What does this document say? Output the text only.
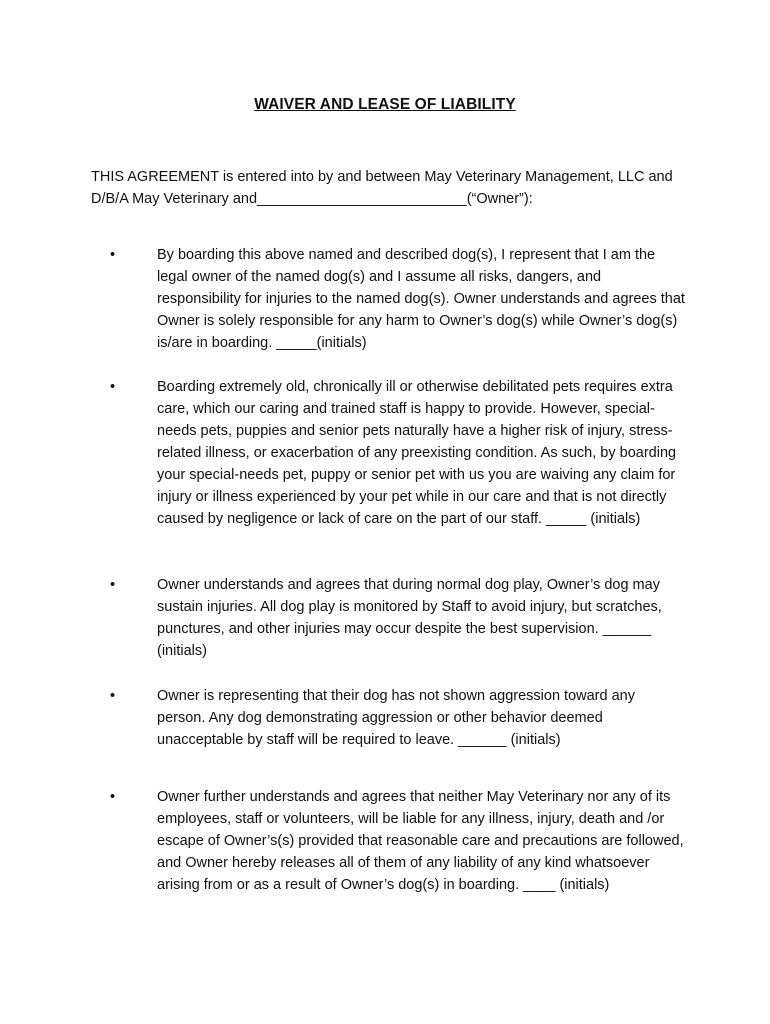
WAIVER AND LEASE OF LIABILITY
THIS AGREEMENT is entered into by and between May Veterinary Management, LLC and D/B/A May Veterinary and__________________________(“Owner”):
•	By boarding this above named and described dog(s), I represent that I am the legal owner of the named dog(s) and I assume all risks, dangers, and responsibility for injuries to the named dog(s). Owner understands and agrees that Owner is solely responsible for any harm to Owner’s dog(s) while Owner’s dog(s) is/are in boarding. _____(initials)
•	Boarding extremely old, chronically ill or otherwise debilitated pets requires extra care, which our caring and trained staff is happy to provide. However, special-needs pets, puppies and senior pets naturally have a higher risk of injury, stress-related illness, or exacerbation of any preexisting condition. As such, by boarding your special-needs pet, puppy or senior pet with us you are waiving any claim for injury or illness experienced by your pet while in our care and that is not directly caused by negligence or lack of care on the part of our staff. _____ (initials)
•	Owner understands and agrees that during normal dog play, Owner’s dog may sustain injuries. All dog play is monitored by Staff to avoid injury, but scratches, punctures, and other injuries may occur despite the best supervision. ______ (initials)
•	Owner is representing that their dog has not shown aggression toward any person. Any dog demonstrating aggression or other behavior deemed unacceptable by staff will be required to leave. ______ (initials)
•	Owner further understands and agrees that neither May Veterinary nor any of its employees, staff or volunteers, will be liable for any illness, injury, death and /or escape of Owner’s(s) provided that reasonable care and precautions are followed, and Owner hereby releases all of them of any liability of any kind whatsoever arising from or as a result of Owner’s dog(s) in boarding. ____ (initials)
